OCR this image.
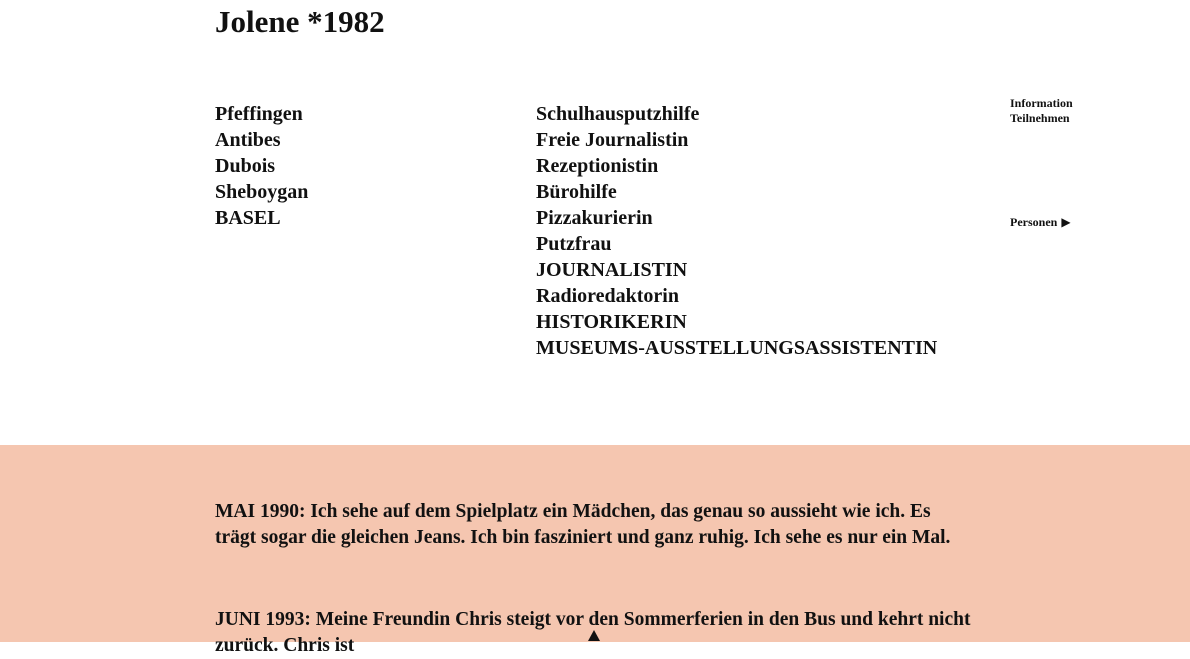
Jolene *1982
Pfeffingen
Antibes
Dubois
Sheboygan
BASEL
Schulhausputzhilfe
Freie Journalistin
Rezeptionistin
Bürohilfe
Pizzakurierin
Putzfrau
JOURNALISTIN
Radioredaktorin
HISTORIKERIN
MUSEUMS-AUSSTELLUNGSASSISTENTIN
Information
Teilnehmen
Personen ▶

MAI 1990: Ich sehe auf dem Spielplatz ein Mädchen, das genau so aussieht wie ich. Es trägt sogar die gleichen Jeans. Ich bin fasziniert und ganz ruhig. Ich sehe es nur ein Mal.

JUNI 1993: Meine Freundin Chris steigt vor den Sommerferien in den Bus und kehrt nicht zurück. Chris ist
